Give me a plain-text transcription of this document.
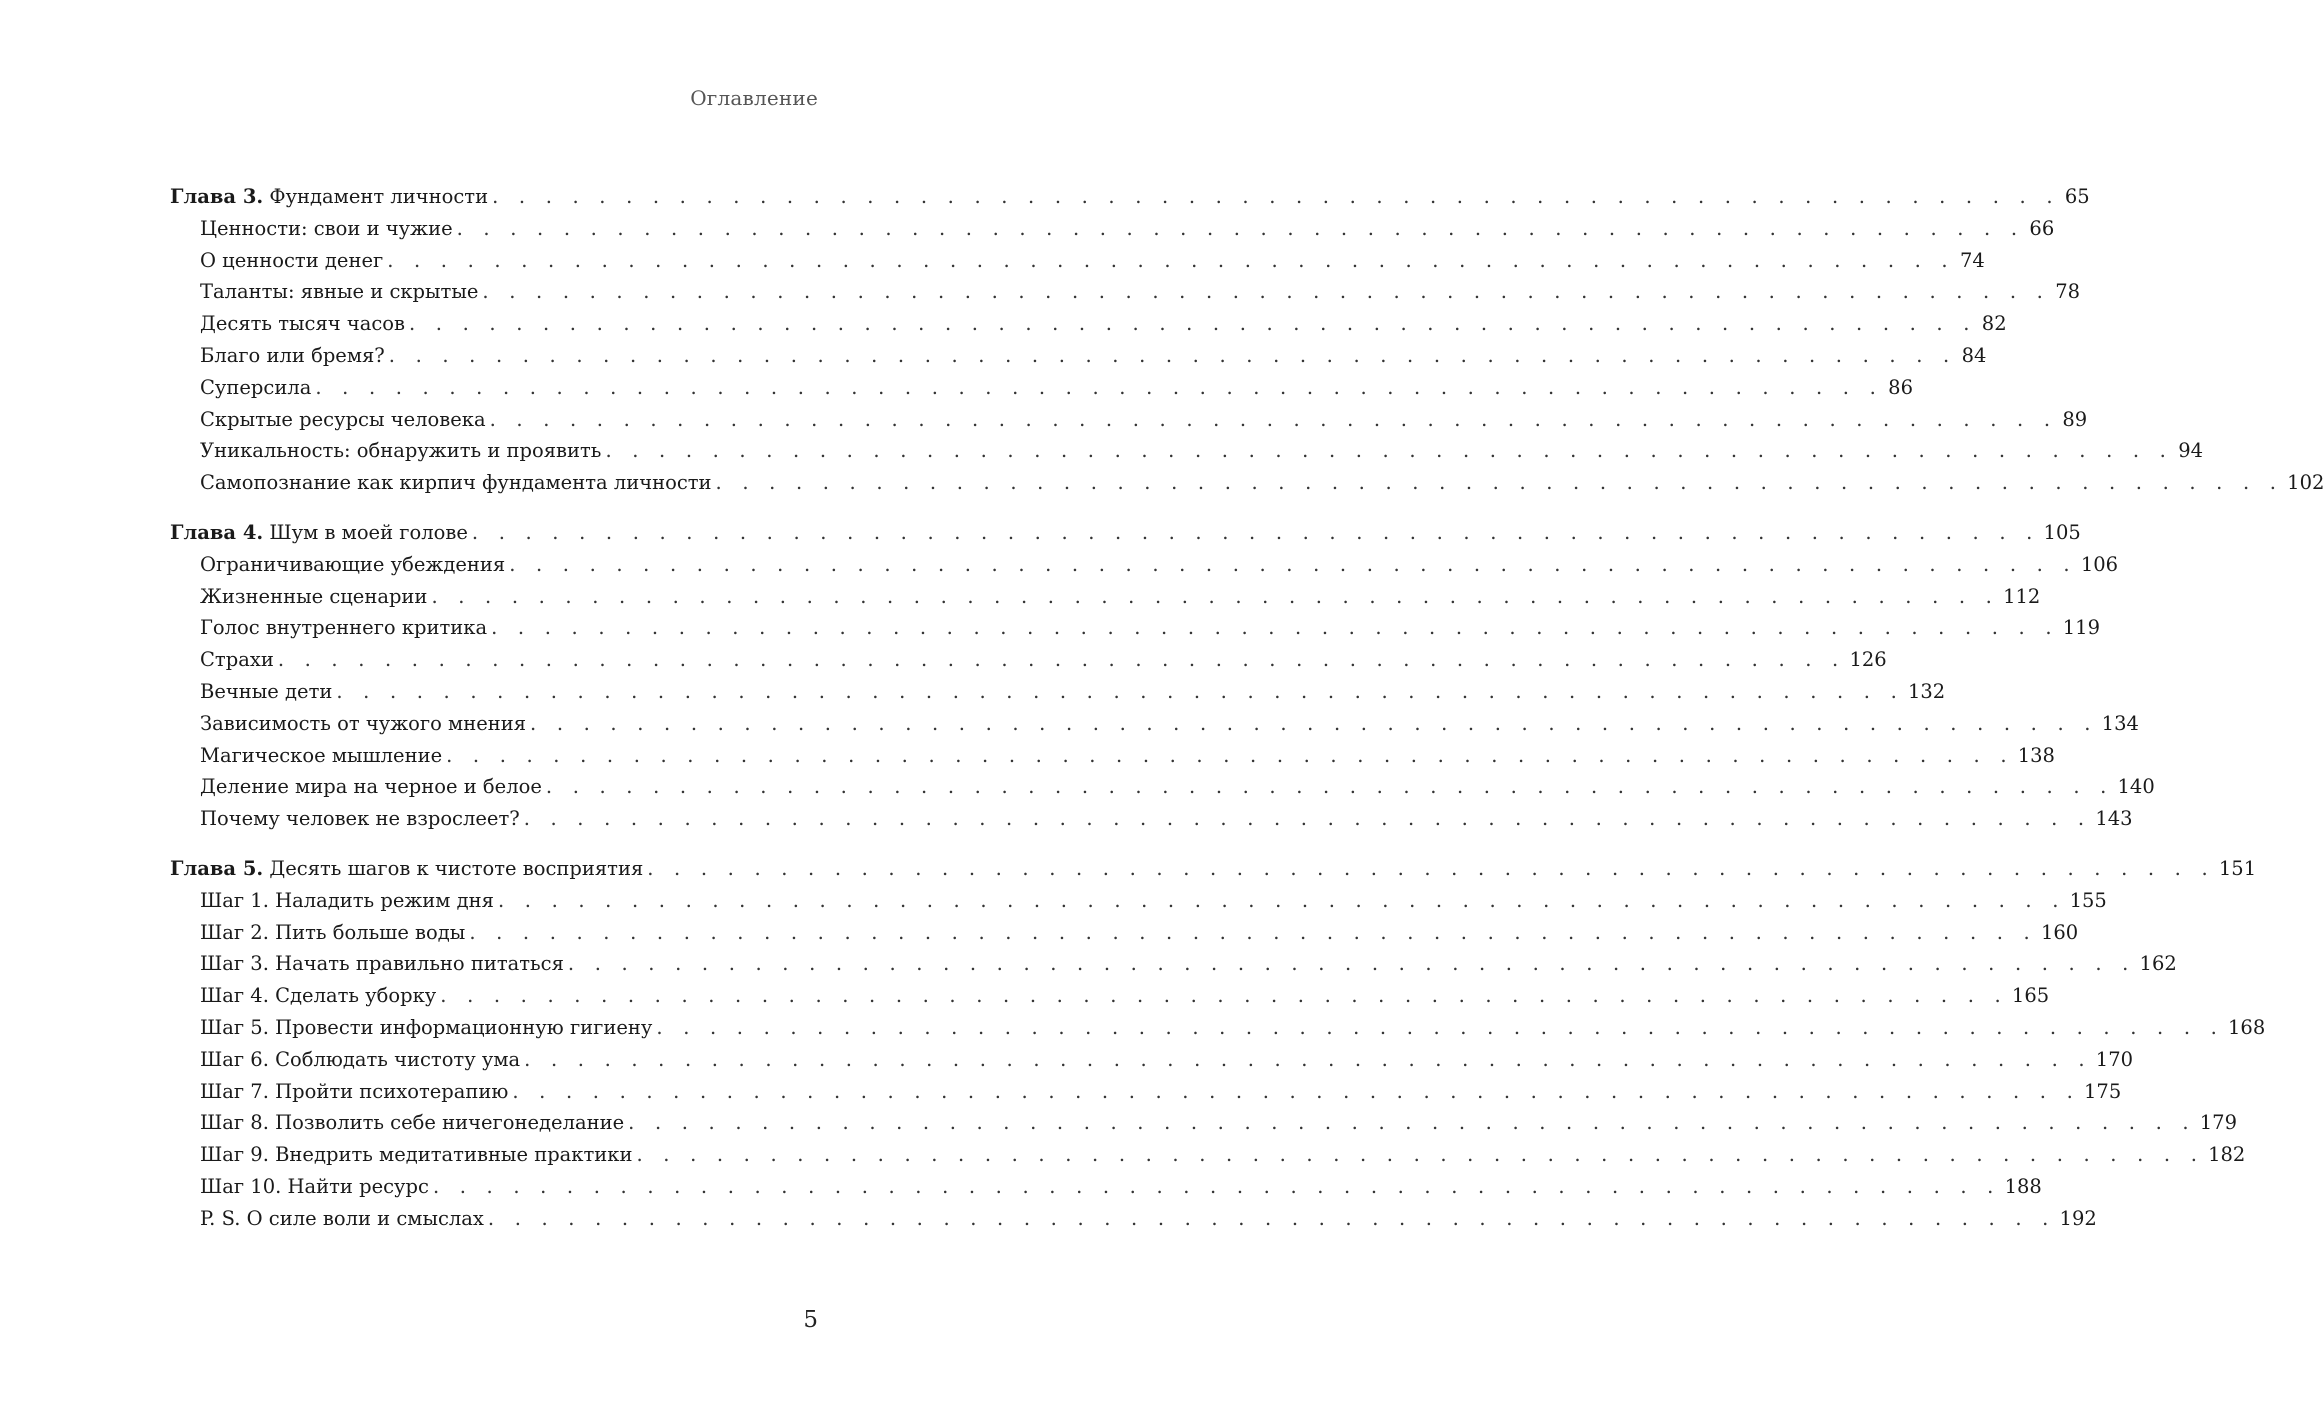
Оглавление
Глава 3. Фундамент личности . . . . . . . . . . . . . . . . . . . . . . . . . . . . . . . . . . . . . . . . . . . . . . . . . . . . . . . . . . . 65
Ценности: свои и чужие . . . . . . . . . . . . . . . . . . . . . . . . . . . . . . . . . . . . . . . . . . . . . . . . . . . . . . . . . . . 66
О ценности денег . . . . . . . . . . . . . . . . . . . . . . . . . . . . . . . . . . . . . . . . . . . . . . . . . . . . . . . . . . . 74
Таланты: явные и скрытые . . . . . . . . . . . . . . . . . . . . . . . . . . . . . . . . . . . . . . . . . . . . . . . . . . . . . . . . . . . 78
Десять тысяч часов . . . . . . . . . . . . . . . . . . . . . . . . . . . . . . . . . . . . . . . . . . . . . . . . . . . . . . . . . . . 82
Благо или бремя? . . . . . . . . . . . . . . . . . . . . . . . . . . . . . . . . . . . . . . . . . . . . . . . . . . . . . . . . . . . 84
Суперсила . . . . . . . . . . . . . . . . . . . . . . . . . . . . . . . . . . . . . . . . . . . . . . . . . . . . . . . . . . . 86
Скрытые ресурсы человека . . . . . . . . . . . . . . . . . . . . . . . . . . . . . . . . . . . . . . . . . . . . . . . . . . . . . . . . . . . 89
Уникальность: обнаружить и проявить . . . . . . . . . . . . . . . . . . . . . . . . . . . . . . . . . . . . . . . . . . . . . . . . . . . . . . . . . . . 94
Самопознание как кирпич фундамента личности . . . . . . . . . . . . . . . . . . . . . . . . . . . . . . . . . . . . . . . . . . . . . . . . . . . . . . . . . . . 102
Глава 4. Шум в моей голове . . . . . . . . . . . . . . . . . . . . . . . . . . . . . . . . . . . . . . . . . . . . . . . . . . . . . . . . . . . 105
Ограничивающие убеждения . . . . . . . . . . . . . . . . . . . . . . . . . . . . . . . . . . . . . . . . . . . . . . . . . . . . . . . . . . . 106
Жизненные сценарии . . . . . . . . . . . . . . . . . . . . . . . . . . . . . . . . . . . . . . . . . . . . . . . . . . . . . . . . . . . 112
Голос внутреннего критика . . . . . . . . . . . . . . . . . . . . . . . . . . . . . . . . . . . . . . . . . . . . . . . . . . . . . . . . . . . 119
Страхи . . . . . . . . . . . . . . . . . . . . . . . . . . . . . . . . . . . . . . . . . . . . . . . . . . . . . . . . . . . 126
Вечные дети . . . . . . . . . . . . . . . . . . . . . . . . . . . . . . . . . . . . . . . . . . . . . . . . . . . . . . . . . . . 132
Зависимость от чужого мнения . . . . . . . . . . . . . . . . . . . . . . . . . . . . . . . . . . . . . . . . . . . . . . . . . . . . . . . . . . . 134
Магическое мышление . . . . . . . . . . . . . . . . . . . . . . . . . . . . . . . . . . . . . . . . . . . . . . . . . . . . . . . . . . . 138
Деление мира на черное и белое . . . . . . . . . . . . . . . . . . . . . . . . . . . . . . . . . . . . . . . . . . . . . . . . . . . . . . . . . . . 140
Почему человек не взрослеет? . . . . . . . . . . . . . . . . . . . . . . . . . . . . . . . . . . . . . . . . . . . . . . . . . . . . . . . . . . . 143
Глава 5. Десять шагов к чистоте восприятия . . . . . . . . . . . . . . . . . . . . . . . . . . . . . . . . . . . . . . . . . . . . . . . . . . . . . . . . . . . 151
Шаг 1. Наладить режим дня . . . . . . . . . . . . . . . . . . . . . . . . . . . . . . . . . . . . . . . . . . . . . . . . . . . . . . . . . . . 155
Шаг 2. Пить больше воды . . . . . . . . . . . . . . . . . . . . . . . . . . . . . . . . . . . . . . . . . . . . . . . . . . . . . . . . . . . 160
Шаг 3. Начать правильно питаться . . . . . . . . . . . . . . . . . . . . . . . . . . . . . . . . . . . . . . . . . . . . . . . . . . . . . . . . . . . 162
Шаг 4. Сделать уборку . . . . . . . . . . . . . . . . . . . . . . . . . . . . . . . . . . . . . . . . . . . . . . . . . . . . . . . . . . . 165
Шаг 5. Провести информационную гигиену . . . . . . . . . . . . . . . . . . . . . . . . . . . . . . . . . . . . . . . . . . . . . . . . . . . . . . . . . . . 168
Шаг 6. Соблюдать чистоту ума . . . . . . . . . . . . . . . . . . . . . . . . . . . . . . . . . . . . . . . . . . . . . . . . . . . . . . . . . . . 170
Шаг 7. Пройти психотерапию . . . . . . . . . . . . . . . . . . . . . . . . . . . . . . . . . . . . . . . . . . . . . . . . . . . . . . . . . . . 175
Шаг 8. Позволить себе ничегонеделание . . . . . . . . . . . . . . . . . . . . . . . . . . . . . . . . . . . . . . . . . . . . . . . . . . . . . . . . . . . 179
Шаг 9. Внедрить медитативные практики . . . . . . . . . . . . . . . . . . . . . . . . . . . . . . . . . . . . . . . . . . . . . . . . . . . . . . . . . . . 182
Шаг 10. Найти ресурс . . . . . . . . . . . . . . . . . . . . . . . . . . . . . . . . . . . . . . . . . . . . . . . . . . . . . . . . . . . 188
P. S. О силе воли и смыслах . . . . . . . . . . . . . . . . . . . . . . . . . . . . . . . . . . . . . . . . . . . . . . . . . . . . . . . . . . . 192
5
